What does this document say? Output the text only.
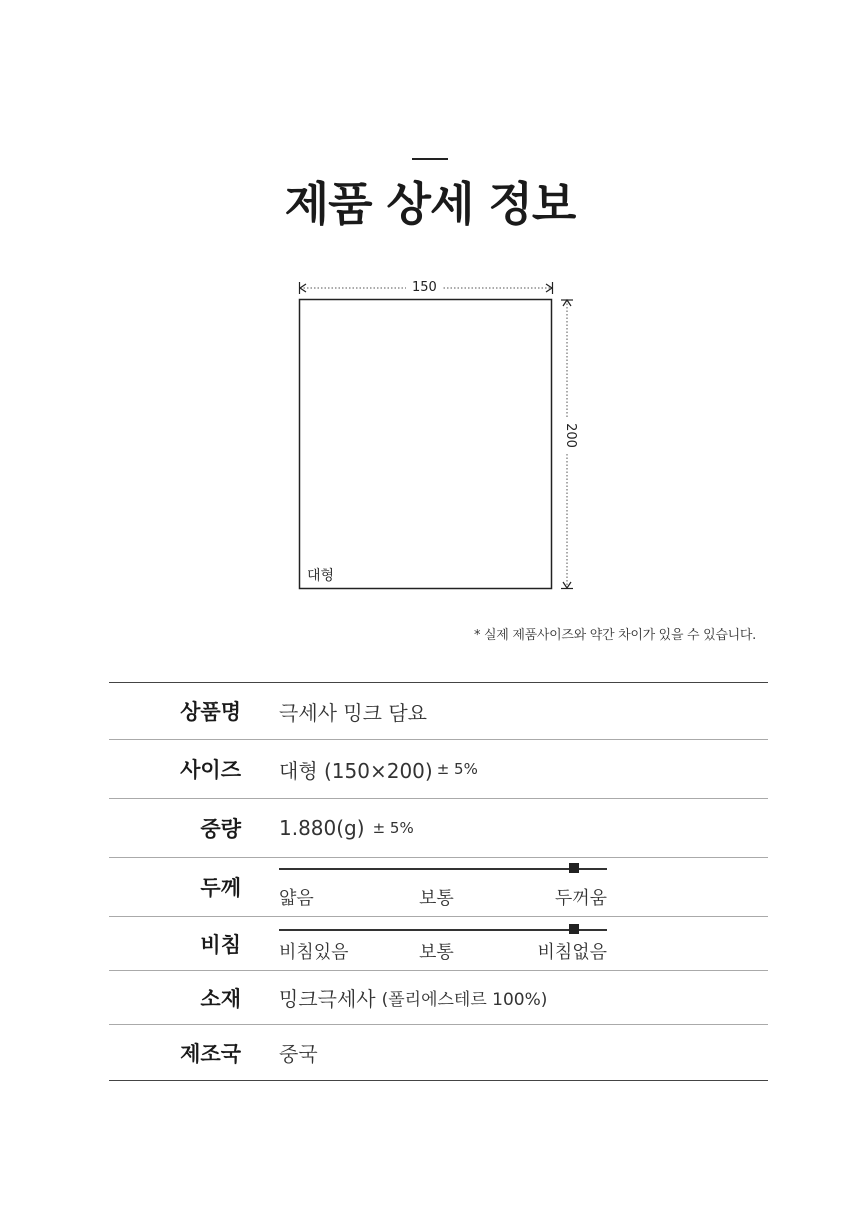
제품 상세 정보
150
200
대형
* 실제 제품사이즈와 약간 차이가 있을 수 있습니다.
상품명 극세사 밍크 담요
사이즈 대형 (150×200) ± 5%
중량 1.880(g) ± 5%
두께 얇음	보통	두꺼움
비침 비침있음	보통	비침없음
소재 밍크극세사 (폴리에스테르 100%)
제조국 중국
